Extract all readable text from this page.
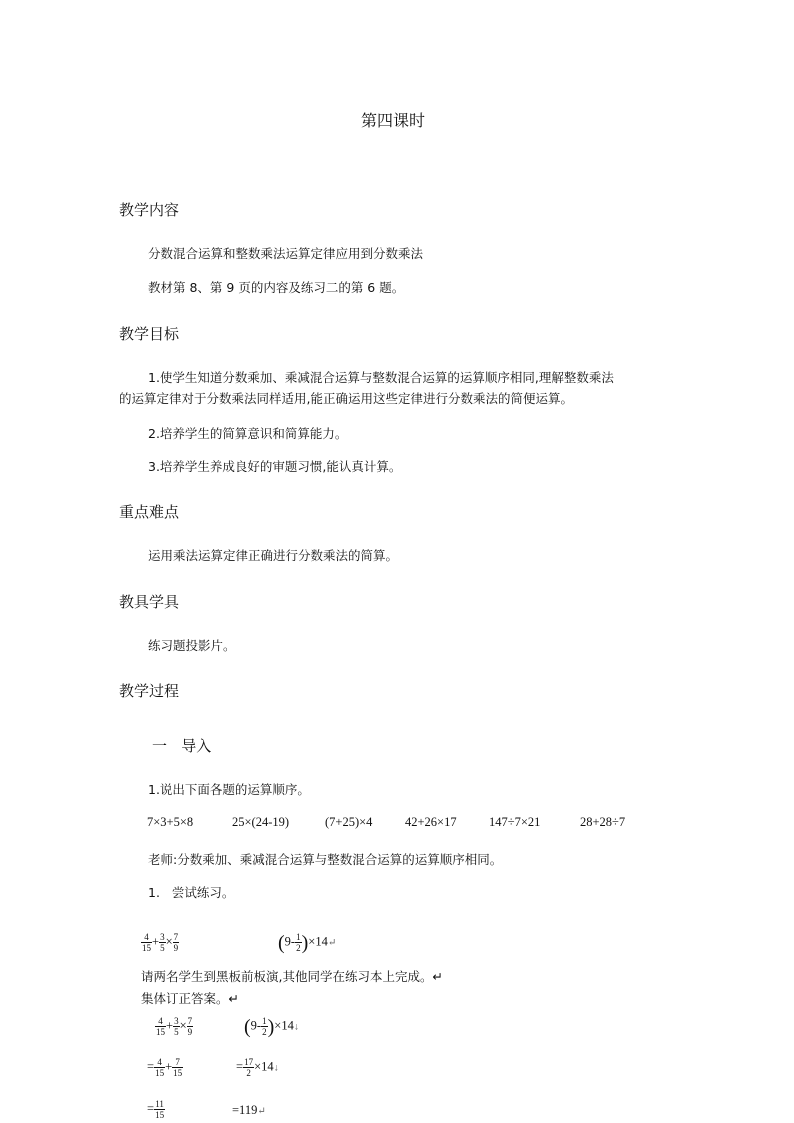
第四课时
教学内容
分数混合运算和整数乘法运算定律应用到分数乘法
教材第 8、第 9 页的内容及练习二的第 6 题。
教学目标
1.使学生知道分数乘加、乘减混合运算与整数混合运算的运算顺序相同,理解整数乘法
的运算定律对于分数乘法同样适用,能正确运用这些定律进行分数乘法的简便运算。
2.培养学生的简算意识和简算能力。
3.培养学生养成良好的审题习惯,能认真计算。
重点难点
运用乘法运算定律正确进行分数乘法的简算。
教具学具
练习题投影片。
教学过程
一   导入
1.说出下面各题的运算顺序。
7×3+5×8	25×(24-19)	(7+25)×4	42+26×17	147÷7×21	28+28÷7
老师:分数乘加、乘减混合运算与整数混合运算的运算顺序相同。
1.   尝试练习。
$\frac{4}{15} + \frac{3}{5} \times \frac{7}{9}$	($9- \frac{1}{2}$ )×14↵
请两名学生到黑板前板演,其他同学在练习本上完成。↵
集体订正答案。↵
$\frac{4}{15} + \frac{3}{5} \times \frac{7}{9}$	($9- \frac{1}{2}$ )×14↓
= $\frac{4}{15} + \frac{7}{15}$	= $\frac{17}{2}$ ×14↓
= $\frac{11}{15}$	=119↵
